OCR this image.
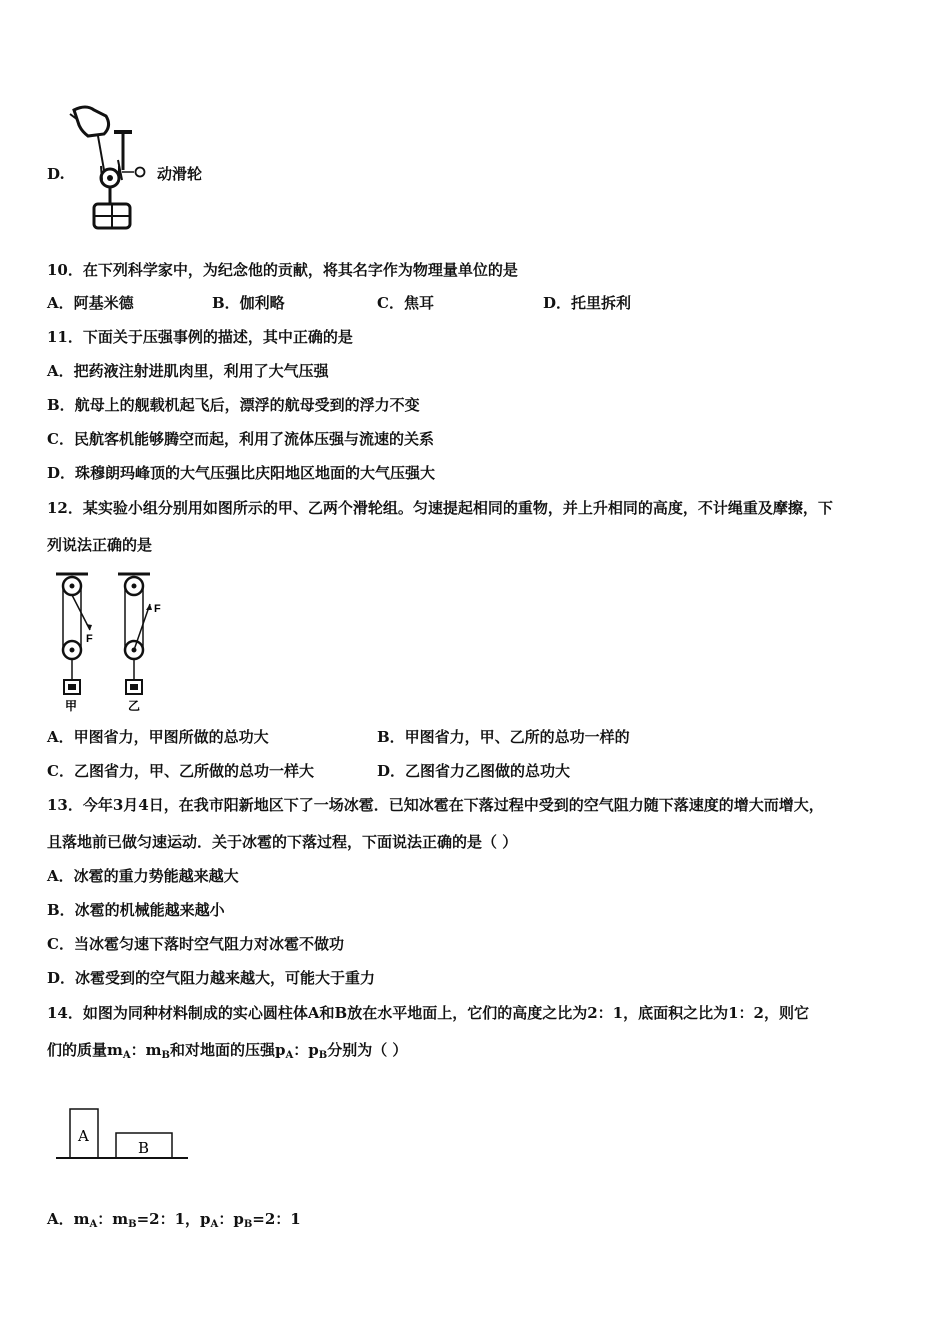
D.	动滑轮
10．在下列科学家中，为纪念他的贡献，将其名字作为物理量单位的是
A．阿基米德	B．伽利略	C．焦耳	D．托里拆利
11．下面关于压强事例的描述，其中正确的是
A．把药液注射进肌肉里，利用了大气压强
B．航母上的舰载机起飞后，漂浮的航母受到的浮力不变
C．民航客机能够腾空而起，利用了流体压强与流速的关系
D．珠穆朗玛峰顶的大气压强比庆阳地区地面的大气压强大
12．某实验小组分别用如图所示的甲、乙两个滑轮组。匀速提起相同的重物，并上升相同的高度，不计绳重及摩擦，下
列说法正确的是
F
甲
F
乙
A．甲图省力，甲图所做的总功大	B．甲图省力，甲、乙所的总功一样的
C．乙图省力，甲、乙所做的总功一样大	D．乙图省力乙图做的总功大
13．今年3月4日，在我市阳新地区下了一场冰雹．已知冰雹在下落过程中受到的空气阻力随下落速度的增大而增大，
且落地前已做匀速运动．关于冰雹的下落过程，下面说法正确的是（ ）
A．冰雹的重力势能越来越大
B．冰雹的机械能越来越小
C．当冰雹匀速下落时空气阻力对冰雹不做功
D．冰雹受到的空气阻力越来越大，可能大于重力
14．如图为同种材料制成的实心圆柱体A和B放在水平地面上，它们的高度之比为2：1，底面积之比为1：2，则它
们的质量$m_A$：$m_B$和对地面的压强$p_A$：$p_B$分别为（ ）
A
B
A．$m_A$：$m_B=2$：1，$p_A$：$p_B=2$：1
